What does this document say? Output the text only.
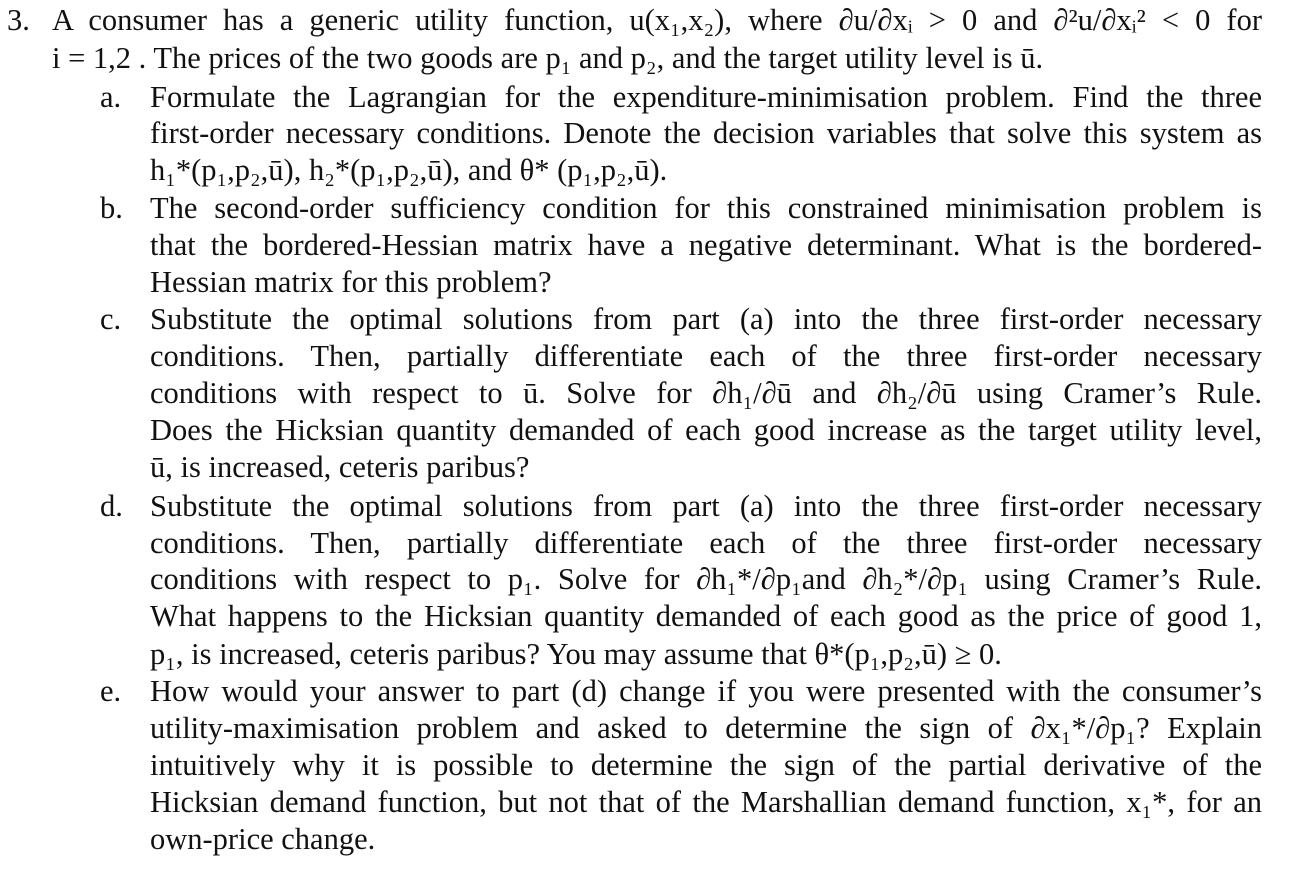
3. A consumer has a generic utility function, u(x₁,x₂), where ∂u/∂xᵢ > 0 and ∂²u/∂xᵢ² < 0 for
i = 1,2 . The prices of the two goods are p₁ and p₂, and the target utility level is ū.
a. Formulate the Lagrangian for the expenditure-minimisation problem. Find the three
first-order necessary conditions. Denote the decision variables that solve this system as
h₁*(p₁,p₂,ū), h₂*(p₁,p₂,ū), and θ* (p₁,p₂,ū).
b. The second-order sufficiency condition for this constrained minimisation problem is
that the bordered-Hessian matrix have a negative determinant. What is the bordered-
Hessian matrix for this problem?
c. Substitute the optimal solutions from part (a) into the three first-order necessary
conditions. Then, partially differentiate each of the three first-order necessary
conditions with respect to ū. Solve for ∂h₁/∂ū and ∂h₂/∂ū using Cramer’s Rule.
Does the Hicksian quantity demanded of each good increase as the target utility level,
ū, is increased, ceteris paribus?
d. Substitute the optimal solutions from part (a) into the three first-order necessary
conditions. Then, partially differentiate each of the three first-order necessary
conditions with respect to p₁. Solve for ∂h₁*/∂p₁and ∂h₂*/∂p₁ using Cramer’s Rule.
What happens to the Hicksian quantity demanded of each good as the price of good 1,
p₁, is increased, ceteris paribus? You may assume that θ*(p₁,p₂,ū) ≥ 0.
e. How would your answer to part (d) change if you were presented with the consumer’s
utility-maximisation problem and asked to determine the sign of ∂x₁*/∂p₁? Explain
intuitively why it is possible to determine the sign of the partial derivative of the
Hicksian demand function, but not that of the Marshallian demand function, x₁*, for an
own-price change.
